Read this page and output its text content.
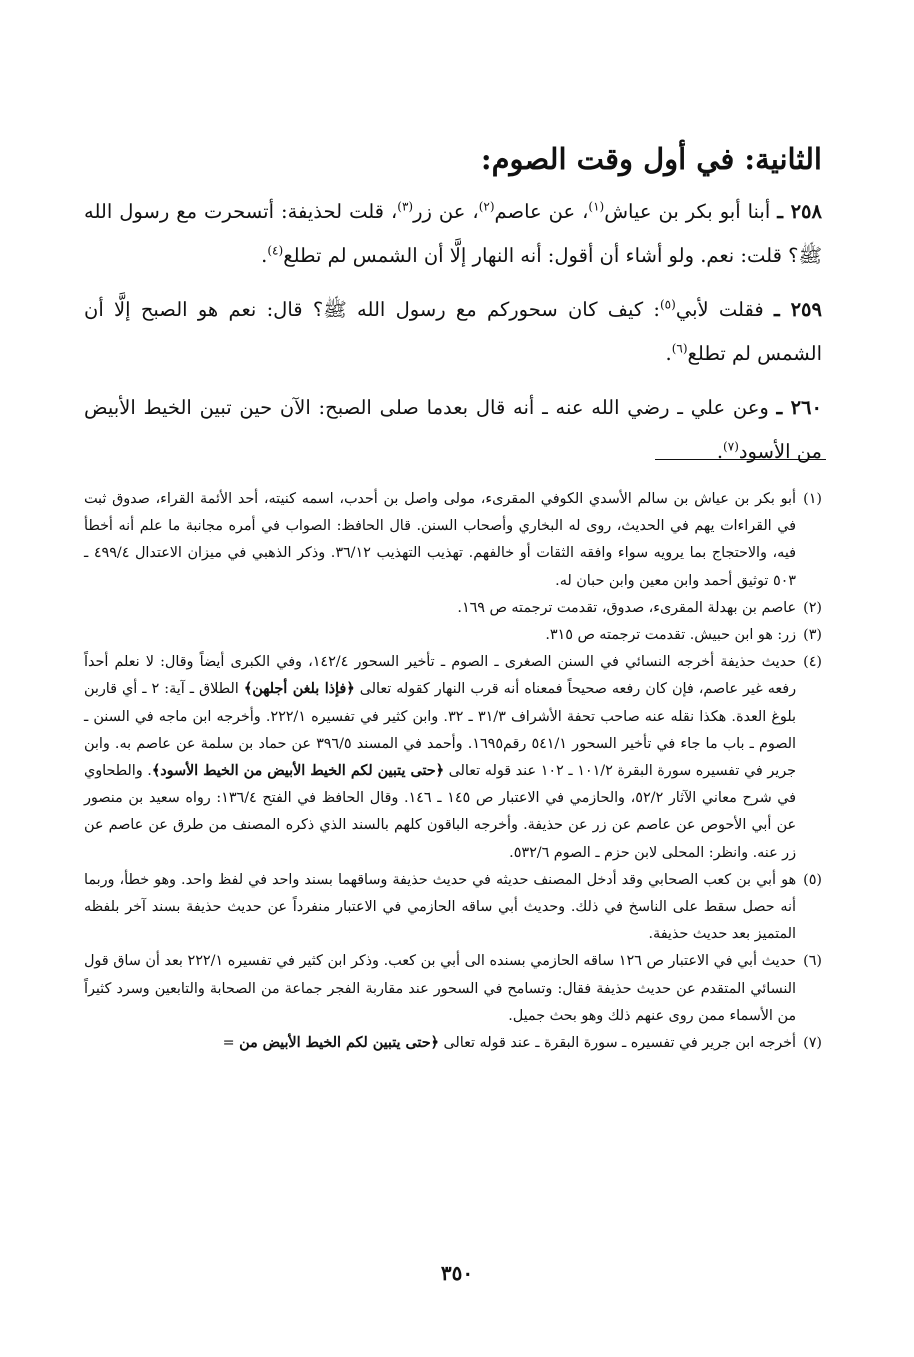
الثانية: في أول وقت الصوم:

٢٥٨ ـ أبنا أبو بكر بن عياش$^{(١)}$، عن عاصم$^{(٢)}$، عن زر$^{(٣)}$، قلت لحذيفة: أتسحرت مع رسول الله ﷺ؟ قلت: نعم. ولو أشاء أن أقول: أنه النهار إلَّا أن الشمس لم تطلع$^{(٤)}$.

٢٥٩ ـ فقلت لأبي$^{(٥)}$: كيف كان سحوركم مع رسول الله ﷺ؟ قال: نعم هو الصبح إلَّا أن الشمس لم تطلع$^{(٦)}$.

٢٦٠ ـ وعن علي ـ رضي الله عنه ـ أنه قال بعدما صلى الصبح: الآن حين تبين الخيط الأبيض من الأسود$^{(٧)}$.

(١)
أبو بكر بن عياش بن سالم الأسدي الكوفي المقرىء، مولى واصل بن أحدب، اسمه كنيته، أحد الأئمة القراء، صدوق ثبت في القراءات يهم في الحديث، روى له البخاري وأصحاب السنن. قال الحافظ: الصواب في أمره مجانبة ما علم أنه أخطأ فيه، والاحتجاج بما يرويه سواء وافقه الثقات أو خالفهم. تهذيب التهذيب ٣٦/١٢. وذكر الذهبي في ميزان الاعتدال ٤٩٩/٤ ـ ٥٠٣ توثيق أحمد وابن معين وابن حبان له.
(٢)
عاصم بن بهدلة المقرىء، صدوق، تقدمت ترجمته ص ١٦٩.
(٣)
زر: هو ابن حبيش. تقدمت ترجمته ص ٣١٥.
(٤)
حديث حذيفة أخرجه النسائي في السنن الصغرى ـ الصوم ـ تأخير السحور ١٤٢/٤، وفي الكبرى أيضاً وقال: لا نعلم أحداً رفعه غير عاصم، فإن كان رفعه صحيحاً فمعناه أنه قرب النهار كقوله تعالى ﴿فإذا بلغن أجلهن﴾ الطلاق ـ آية: ٢ ـ أي قاربن بلوغ العدة. هكذا نقله عنه صاحب تحفة الأشراف ٣١/٣ ـ ٣٢. وابن كثير في تفسيره ٢٢٢/١. وأخرجه ابن ماجه في السنن ـ الصوم ـ باب ما جاء في تأخير السحور ٥٤١/١ رقم١٦٩٥. وأحمد في المسند ٣٩٦/٥ عن حماد بن سلمة عن عاصم به. وابن جرير في تفسيره سورة البقرة ١٠١/٢ ـ ١٠٢ عند قوله تعالى ﴿حتى يتبين لكم الخيط الأبيض من الخيط الأسود﴾. والطحاوي في شرح معاني الآثار ٥٢/٢، والحازمي في الاعتبار ص ١٤٥ ـ ١٤٦. وقال الحافظ في الفتح ١٣٦/٤: رواه سعيد بن منصور عن أبي الأحوص عن عاصم عن زر عن حذيفة. وأخرجه الباقون كلهم بالسند الذي ذكره المصنف من طرق عن عاصم عن زر عنه. وانظر: المحلى لابن حزم ـ الصوم ٥٣٢/٦.
(٥)
هو أبي بن كعب الصحابي وقد أدخل المصنف حديثه في حديث حذيفة وساقهما بسند واحد في لفظ واحد. وهو خطأ، وربما أنه حصل سقط على الناسخ في ذلك. وحديث أبي ساقه الحازمي في الاعتبار منفرداً عن حديث حذيفة بسند آخر بلفظه المتميز بعد حديث حذيفة.
(٦)
حديث أبي في الاعتبار ص ١٢٦ ساقه الحازمي بسنده الى أبي بن كعب. وذكر ابن كثير في تفسيره ٢٢٢/١ بعد أن ساق قول النسائي المتقدم عن حديث حذيفة فقال: وتسامح في السحور عند مقاربة الفجر جماعة من الصحابة والتابعين وسرد كثيراً من الأسماء ممن روى عنهم ذلك وهو بحث جميل.
(٧)
أخرجه ابن جرير في تفسيره ـ سورة البقرة ـ عند قوله تعالى ﴿حتى يتبين لكم الخيط الأبيض من =

٣٥٠
